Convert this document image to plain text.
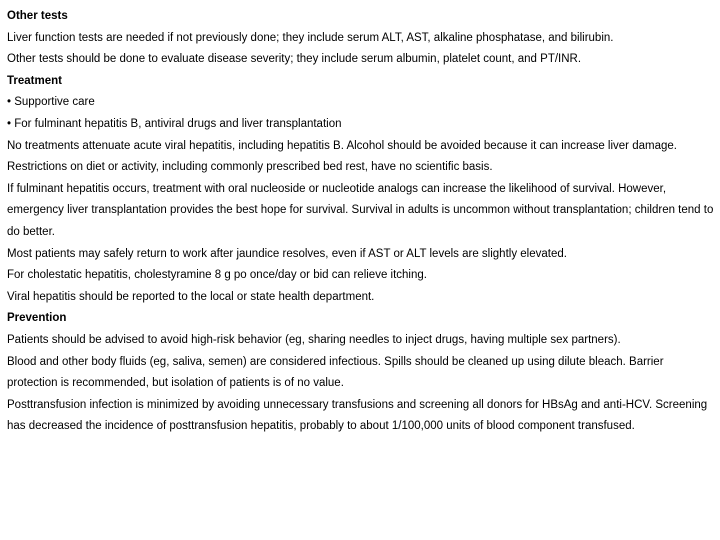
Other tests

Liver function tests are needed if not previously done; they include serum ALT, AST, alkaline phosphatase, and bilirubin.

Other tests should be done to evaluate disease severity; they include serum albumin, platelet count, and PT/INR.

Treatment

• Supportive care

• For fulminant hepatitis B, antiviral drugs and liver transplantation

No treatments attenuate acute viral hepatitis, including hepatitis B. Alcohol should be avoided because it can increase liver damage.

Restrictions on diet or activity, including commonly prescribed bed rest, have no scientific basis.

If fulminant hepatitis occurs, treatment with oral nucleoside or nucleotide analogs can increase the likelihood of survival. However, emergency liver transplantation provides the best hope for survival. Survival in adults is uncommon without transplantation; children tend to do better.

Most patients may safely return to work after jaundice resolves, even if AST or ALT levels are slightly elevated.

For cholestatic hepatitis, cholestyramine 8 g po once/day or bid can relieve itching.

Viral hepatitis should be reported to the local or state health department.

Prevention

Patients should be advised to avoid high-risk behavior (eg, sharing needles to inject drugs, having multiple sex partners).

Blood and other body fluids (eg, saliva, semen) are considered infectious. Spills should be cleaned up using dilute bleach. Barrier protection is recommended, but isolation of patients is of no value.

Posttransfusion infection is minimized by avoiding unnecessary transfusions and screening all donors for HBsAg and anti-HCV. Screening has decreased the incidence of posttransfusion hepatitis, probably to about 1/100,000 units of blood component transfused.
